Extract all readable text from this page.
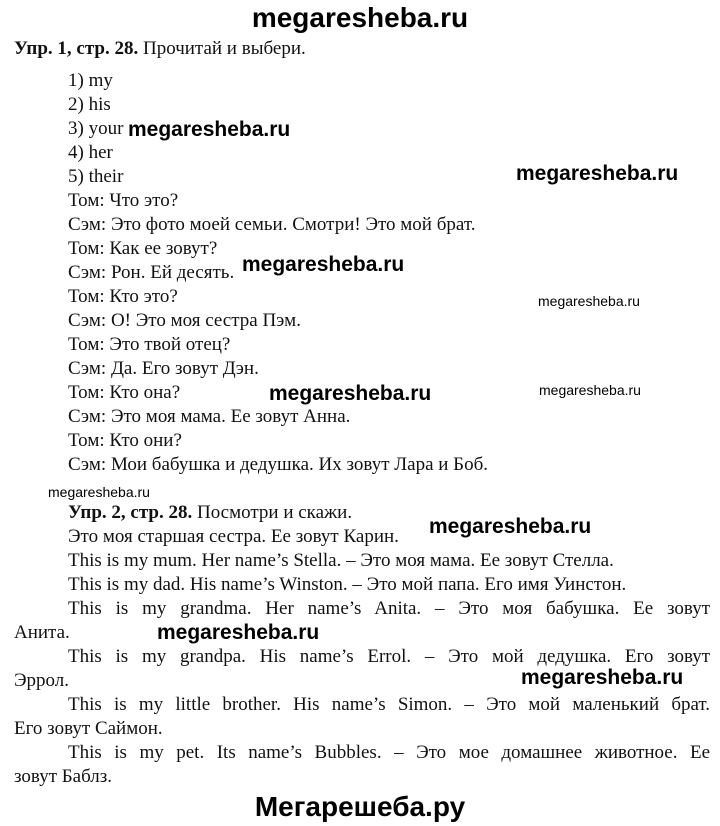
megaresheba.ru
Упр. 1, стр. 28. Прочитай и выбери.
1) my
2) his
3) your
4) her
5) their
Том: Что это?
Сэм: Это фото моей семьи. Смотри! Это мой брат.
Том: Как ее зовут?
Сэм: Рон. Ей десять.
Том: Кто это?
Сэм: О! Это моя сестра Пэм.
Том: Это твой отец?
Сэм: Да. Его зовут Дэн.
Том: Кто она?
Сэм: Это моя мама. Ее зовут Анна.
Том: Кто они?
Сэм: Мои бабушка и дедушка. Их зовут Лара и Боб.
Упр. 2, стр. 28. Посмотри и скажи.
Это моя старшая сестра. Ее зовут Карин.
This is my mum. Her name’s Stella. – Это моя мама. Ее зовут Стелла.
This is my dad. His name’s Winston. – Это мой папа. Его имя Уинстон.
This is my grandma. Her name’s Anita. – Это моя бабушка. Ее зовут
Анита.
This is my grandpa. His name’s Errol. – Это мой дедушка. Его зовут
Эррол.
This is my little brother. His name’s Simon. – Это мой маленький брат.
Его зовут Саймон.
This is my pet. Its name’s Bubbles. – Это мое домашнее животное. Ее
зовут Баблз.
megaresheba.ru
megaresheba.ru
megaresheba.ru
megaresheba.ru
megaresheba.ru	megaresheba.ru
megaresheba.ru
megaresheba.ru
megaresheba.ru
megaresheba.ru
Мегарешеба.ру
